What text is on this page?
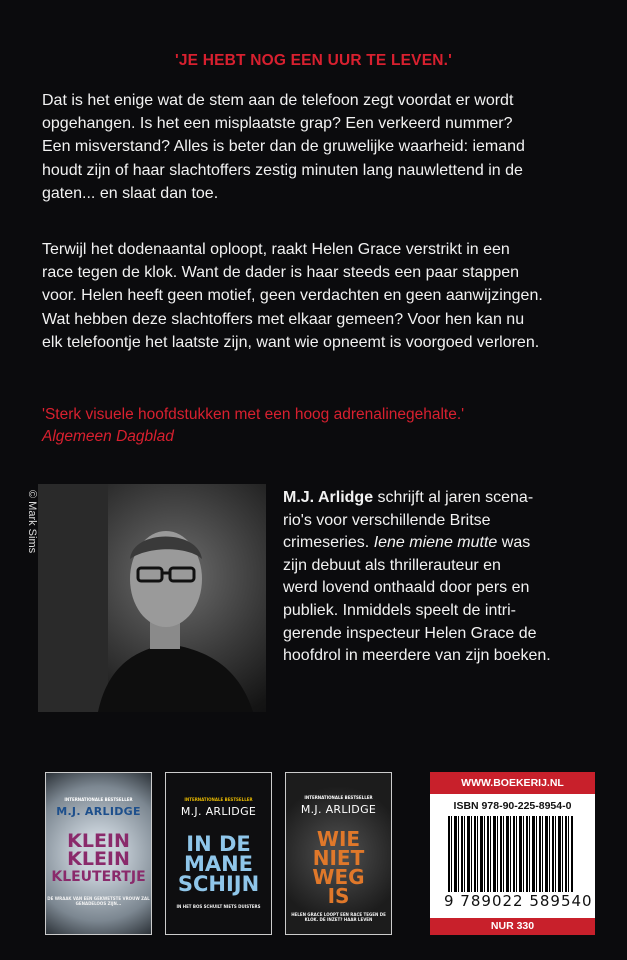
'JE HEBT NOG EEN UUR TE LEVEN.'
Dat is het enige wat de stem aan de telefoon zegt voordat er wordt
opgehangen. Is het een misplaatste grap? Een verkeerd nummer?
Een misverstand? Alles is beter dan de gruwelijke waarheid: iemand
houdt zijn of haar slachtoffers zestig minuten lang nauwlettend in de
gaten... en slaat dan toe.
Terwijl het dodenaantal oploopt, raakt Helen Grace verstrikt in een
race tegen de klok. Want de dader is haar steeds een paar stappen
voor. Helen heeft geen motief, geen verdachten en geen aanwijzingen.
Wat hebben deze slachtoffers met elkaar gemeen? Voor hen kan nu
elk telefoontje het laatste zijn, want wie opneemt is voorgoed verloren.
'Sterk visuele hoofdstukken met een hoog adrenalinegehalte.'
Algemeen Dagblad
© Mark Sims	M.J. Arlidge schrijft al jaren scena-
rio's voor verschillende Britse
crimeseries. Iene miene mutte was
zijn debuut als thrillerauteur en
werd lovend onthaald door pers en
publiek. Inmiddels speelt de intri-
gerende inspecteur Helen Grace de
hoofdrol in meerdere van zijn boeken.
INTERNATIONALE BESTSELLER
M.J. ARLIDGE
KLEIN
KLEIN
KLEUTERTJE
DE WRAAK VAN EEN GEKWETSTE VROUW ZAL GENADELOOS ZIJN...
INTERNATIONALE BESTSELLER
M.J. ARLIDGE
IN DE
MANE
SCHIJN
IN HET BOS SCHUILT NIETS DUISTERS
INTERNATIONALE BESTSELLER
M.J. ARLIDGE
WIE
NIET
WEG
IS
HELEN GRACE LOOPT EEN RACE TEGEN DE KLOK. DE INZET? HAAR LEVEN
WWW.BOEKERIJ.NL
ISBN 978-90-225-8954-0
9 789022 589540
NUR 330
